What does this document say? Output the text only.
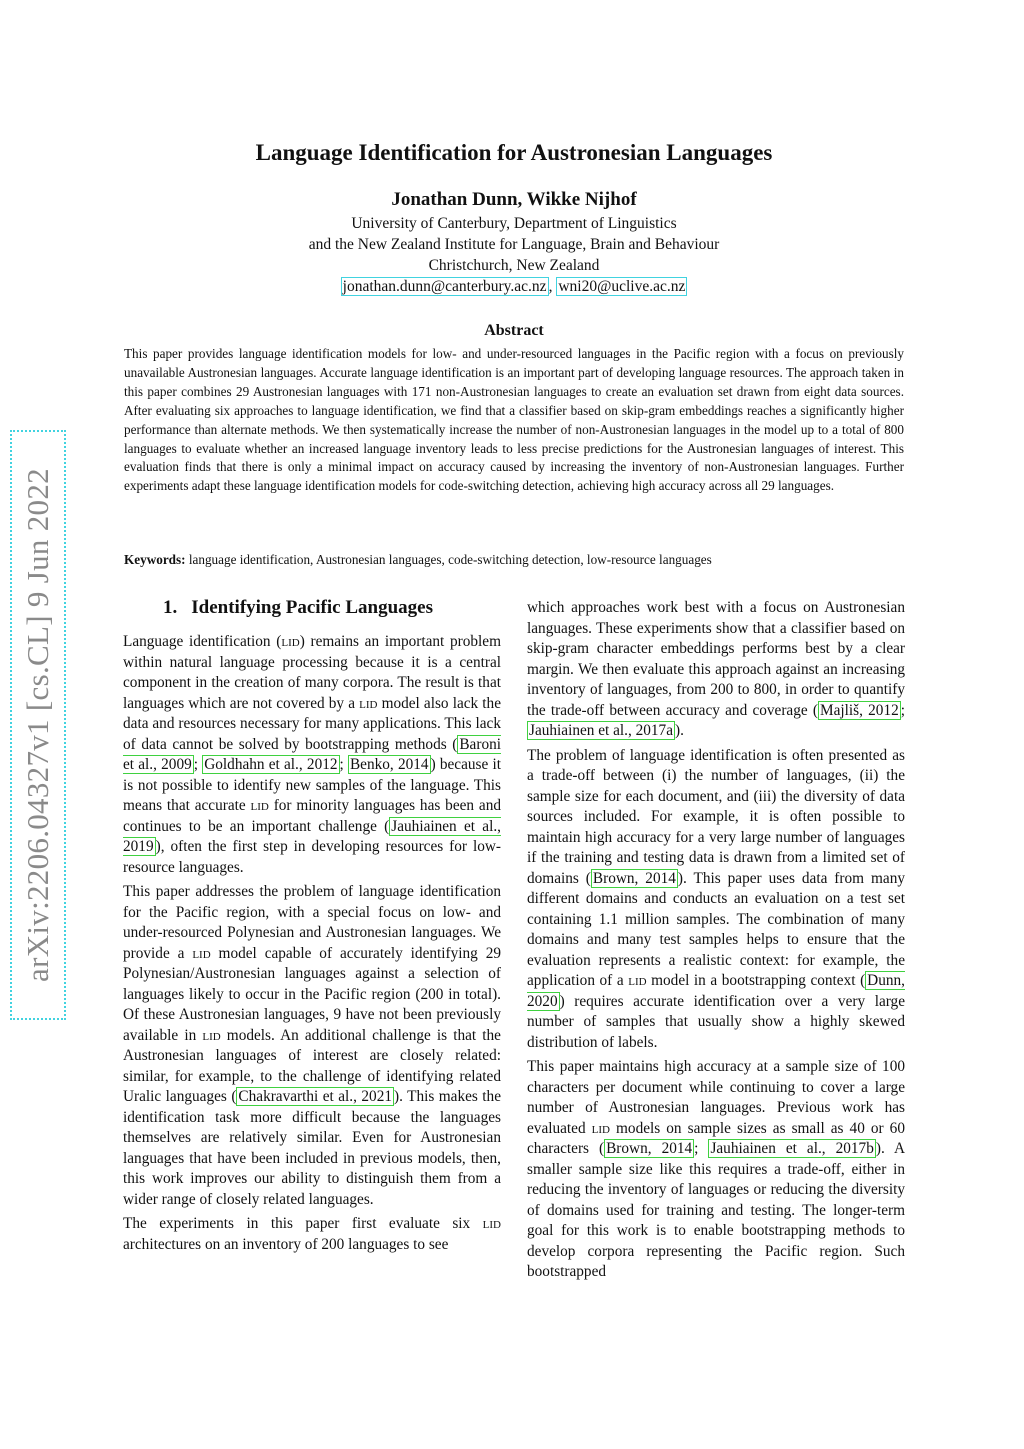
arXiv:2206.04327v1 [cs.CL] 9 Jun 2022
Language Identification for Austronesian Languages
Jonathan Dunn, Wikke Nijhof
University of Canterbury, Department of Linguistics
and the New Zealand Institute for Language, Brain and Behaviour
Christchurch, New Zealand
jonathan.dunn@canterbury.ac.nz , wni20@uclive.ac.nz
Abstract
This paper provides language identification models for low- and under-resourced languages in the Pacific region with a focus on previously unavailable Austronesian languages. Accurate language identification is an important part of developing language resources. The approach taken in this paper combines 29 Austronesian languages with 171 non-Austronesian languages to create an evaluation set drawn from eight data sources. After evaluating six approaches to language identification, we find that a classifier based on skip-gram embeddings reaches a significantly higher performance than alternate methods. We then systematically increase the number of non-Austronesian languages in the model up to a total of 800 languages to evaluate whether an increased language inventory leads to less precise predictions for the Austronesian languages of interest. This evaluation finds that there is only a minimal impact on accuracy caused by increasing the inventory of non-Austronesian languages. Further experiments adapt these language identification models for code-switching detection, achieving high accuracy across all 29 languages.
Keywords: language identification, Austronesian languages, code-switching detection, low-resource languages
1. Identifying Pacific Languages

Language identification (lid) remains an important problem within natural language processing because it is a central component in the creation of many corpora. The result is that languages which are not covered by a lid model also lack the data and resources necessary for many applications. This lack of data cannot be solved by bootstrapping methods ( Baroni et al., 2009 ; Goldhahn et al., 2012 ; Benko, 2014 ) because it is not possible to identify new samples of the language. This means that accurate lid for minority languages has been and continues to be an important challenge ( Jauhiainen et al., 2019 ), often the first step in developing resources for low-resource languages.

This paper addresses the problem of language identification for the Pacific region, with a special focus on low- and under-resourced Polynesian and Austronesian languages. We provide a lid model capable of accurately identifying 29 Polynesian/Austronesian languages against a selection of languages likely to occur in the Pacific region (200 in total). Of these Austronesian languages, 9 have not been previously available in lid models. An additional challenge is that the Austronesian languages of interest are closely related: similar, for example, to the challenge of identifying related Uralic languages ( Chakravarthi et al., 2021 ). This makes the identification task more difficult because the languages themselves are relatively similar. Even for Austronesian languages that have been included in previous models, then, this work improves our ability to distinguish them from a wider range of closely related languages.

The experiments in this paper first evaluate six lid architectures on an inventory of 200 languages to see

which approaches work best with a focus on Austronesian languages. These experiments show that a classifier based on skip-gram character embeddings performs best by a clear margin. We then evaluate this approach against an increasing inventory of languages, from 200 to 800, in order to quantify the trade-off between accuracy and coverage ( Majliš, 2012 ; Jauhiainen et al., 2017a ).

The problem of language identification is often presented as a trade-off between (i) the number of languages, (ii) the sample size for each document, and (iii) the diversity of data sources included. For example, it is often possible to maintain high accuracy for a very large number of languages if the training and testing data is drawn from a limited set of domains ( Brown, 2014 ). This paper uses data from many different domains and conducts an evaluation on a test set containing 1.1 million samples. The combination of many domains and many test samples helps to ensure that the evaluation represents a realistic context: for example, the application of a lid model in a bootstrapping context ( Dunn, 2020 ) requires accurate identification over a very large number of samples that usually show a highly skewed distribution of labels.

This paper maintains high accuracy at a sample size of 100 characters per document while continuing to cover a large number of Austronesian languages. Previous work has evaluated lid models on sample sizes as small as 40 or 60 characters ( Brown, 2014 ; Jauhiainen et al., 2017b ). A smaller sample size like this requires a trade-off, either in reducing the inventory of languages or reducing the diversity of domains used for training and testing. The longer-term goal for this work is to enable bootstrapping methods to develop corpora representing the Pacific region. Such bootstrapped
